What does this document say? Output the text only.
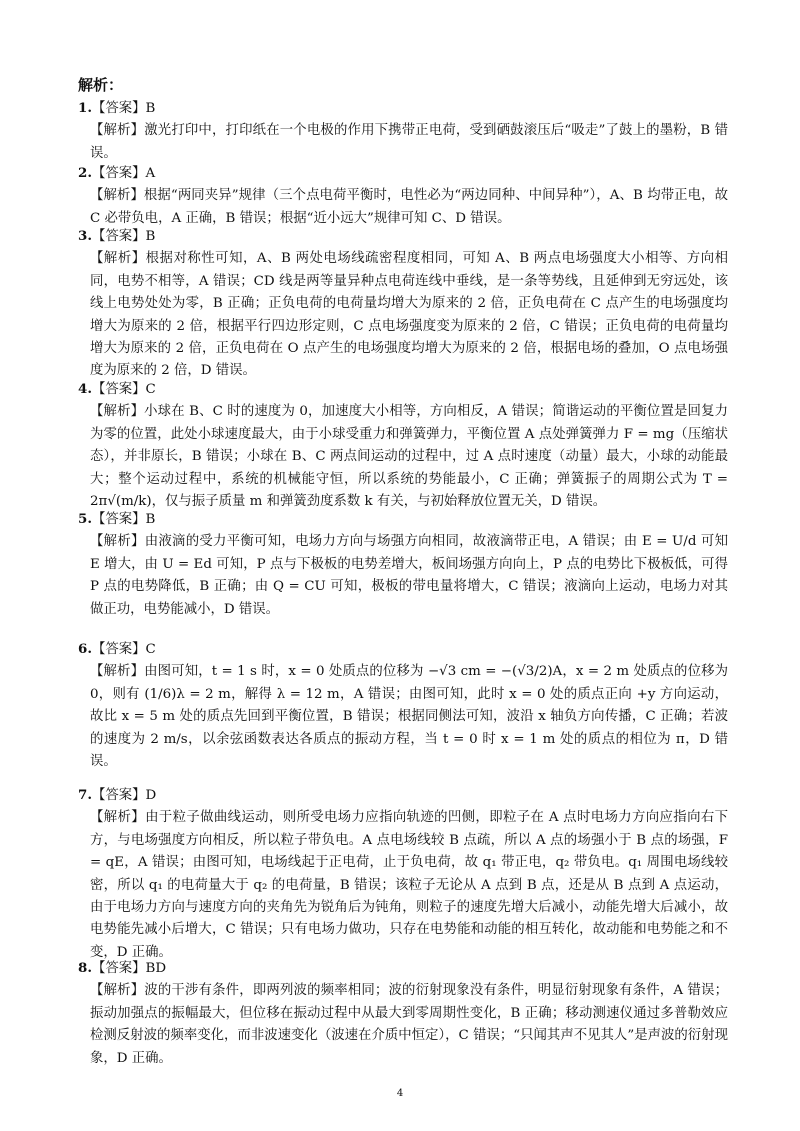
解析：
1.【答案】B
【解析】激光打印中，打印纸在一个电极的作用下携带正电荷，受到硒鼓滚压后“吸走”了鼓上的墨粉，B 错误。
2.【答案】A
【解析】根据“两同夹异”规律（三个点电荷平衡时，电性必为“两边同种、中间异种”），A、B 均带正电，故 C 必带负电，A 正确，B 错误；根据“近小远大”规律可知 C、D 错误。
3.【答案】B
【解析】根据对称性可知，A、B 两处电场线疏密程度相同，可知 A、B 两点电场强度大小相等、方向相同，电势不相等，A 错误；CD 线是两等量异种点电荷连线中垂线，是一条等势线，且延伸到无穷远处，该线上电势处处为零，B 正确；正负电荷的电荷量均增大为原来的 2 倍，正负电荷在 C 点产生的电场强度均增大为原来的 2 倍，根据平行四边形定则，C 点电场强度变为原来的 2 倍，C 错误；正负电荷的电荷量均增大为原来的 2 倍，正负电荷在 O 点产生的电场强度均增大为原来的 2 倍，根据电场的叠加，O 点电场强度为原来的 2 倍，D 错误。
4.【答案】C
【解析】小球在 B、C 时的速度为 0，加速度大小相等，方向相反，A 错误；简谐运动的平衡位置是回复力为零的位置，此处小球速度最大，由于小球受重力和弹簧弹力，平衡位置 A 点处弹簧弹力 F = mg（压缩状态），并非原长，B 错误；小球在 B、C 两点间运动的过程中，过 A 点时速度（动量）最大，小球的动能最大；整个运动过程中，系统的机械能守恒，所以系统的势能最小，C 正确；弹簧振子的周期公式为 T = 2π√(m/k)，仅与振子质量 m 和弹簧劲度系数 k 有关，与初始释放位置无关，D 错误。
5.【答案】B
【解析】由液滴的受力平衡可知，电场力方向与场强方向相同，故液滴带正电，A 错误；由 E = U/d 可知 E 增大，由 U = Ed 可知，P 点与下极板的电势差增大，板间场强方向向上，P 点的电势比下极板低，可得 P 点的电势降低，B 正确；由 Q = CU 可知，极板的带电量将增大，C 错误；液滴向上运动，电场力对其做正功，电势能减小，D 错误。
6.【答案】C
【解析】由图可知，t = 1 s 时，x = 0 处质点的位移为 −√3 cm = −(√3/2)A，x = 2 m 处质点的位移为 0，则有 (1/6)λ = 2 m，解得 λ = 12 m，A 错误；由图可知，此时 x = 0 处的质点正向 +y 方向运动，故比 x = 5 m 处的质点先回到平衡位置，B 错误；根据同侧法可知，波沿 x 轴负方向传播，C 正确；若波的速度为 2 m/s，以余弦函数表达各质点的振动方程，当 t = 0 时 x = 1 m 处的质点的相位为 π，D 错误。
7.【答案】D
【解析】由于粒子做曲线运动，则所受电场力应指向轨迹的凹侧，即粒子在 A 点时电场力方向应指向右下方，与电场强度方向相反，所以粒子带负电。A 点电场线较 B 点疏，所以 A 点的场强小于 B 点的场强，F = qE，A 错误；由图可知，电场线起于正电荷，止于负电荷，故 q₁ 带正电，q₂ 带负电。q₁ 周围电场线较密，所以 q₁ 的电荷量大于 q₂ 的电荷量，B 错误；该粒子无论从 A 点到 B 点，还是从 B 点到 A 点运动，由于电场力方向与速度方向的夹角先为锐角后为钝角，则粒子的速度先增大后减小，动能先增大后减小，故电势能先减小后增大，C 错误；只有电场力做功，只存在电势能和动能的相互转化，故动能和电势能之和不变，D 正确。
8.【答案】BD
【解析】波的干涉有条件，即两列波的频率相同；波的衍射现象没有条件，明显衍射现象有条件，A 错误；振动加强点的振幅最大，但位移在振动过程中从最大到零周期性变化，B 正确；移动测速仪通过多普勒效应检测反射波的频率变化，而非波速变化（波速在介质中恒定），C 错误；“只闻其声不见其人”是声波的衍射现象，D 正确。
4
